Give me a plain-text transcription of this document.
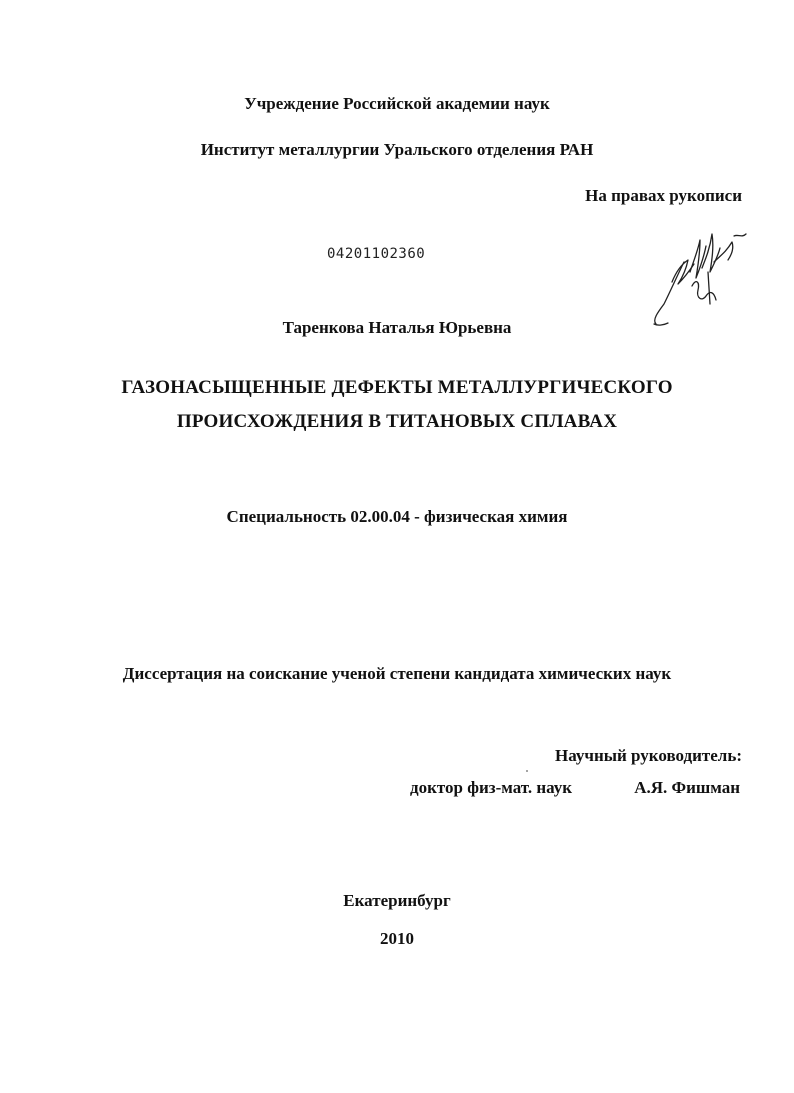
Учреждение Российской академии наук
Институт металлургии Уральского отделения РАН
На правах рукописи
04201102360
Таренкова Наталья Юрьевна
ГАЗОНАСЫЩЕННЫЕ ДЕФЕКТЫ МЕТАЛЛУРГИЧЕСКОГО
ПРОИСХОЖДЕНИЯ В ТИТАНОВЫХ СПЛАВАХ
Специальность 02.00.04 - физическая химия
Диссертация на соискание ученой степени кандидата химических наук
Научный руководитель:
доктор физ-мат. наук	А.Я. Фишман
Екатеринбург
2010
